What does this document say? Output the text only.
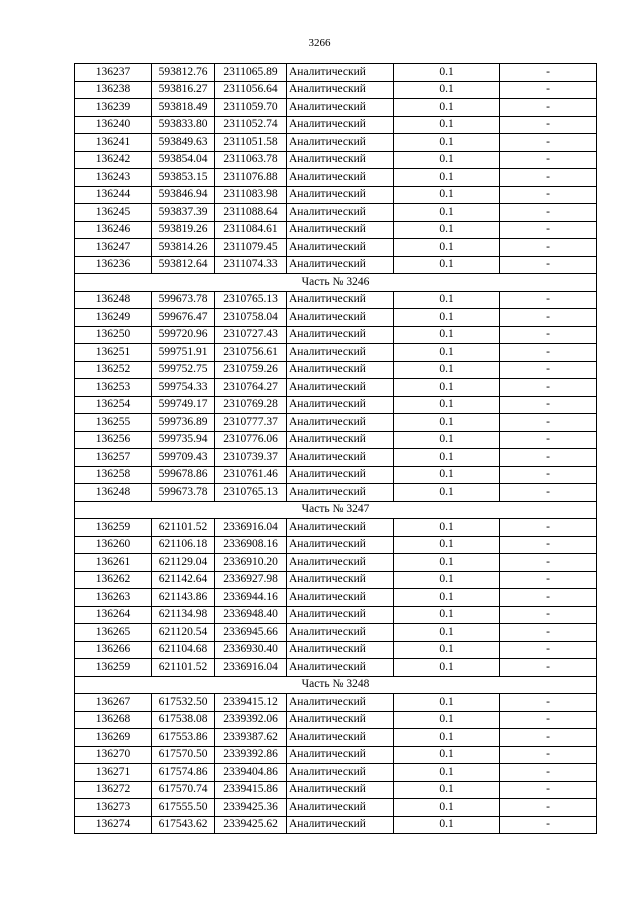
3266
136237	593812.76	2311065.89	Аналитический	0.1	-
136238	593816.27	2311056.64	Аналитический	0.1	-
136239	593818.49	2311059.70	Аналитический	0.1	-
136240	593833.80	2311052.74	Аналитический	0.1	-
136241	593849.63	2311051.58	Аналитический	0.1	-
136242	593854.04	2311063.78	Аналитический	0.1	-
136243	593853.15	2311076.88	Аналитический	0.1	-
136244	593846.94	2311083.98	Аналитический	0.1	-
136245	593837.39	2311088.64	Аналитический	0.1	-
136246	593819.26	2311084.61	Аналитический	0.1	-
136247	593814.26	2311079.45	Аналитический	0.1	-
136236	593812.64	2311074.33	Аналитический	0.1	-
Часть № 3246					
136248	599673.78	2310765.13	Аналитический	0.1	-
136249	599676.47	2310758.04	Аналитический	0.1	-
136250	599720.96	2310727.43	Аналитический	0.1	-
136251	599751.91	2310756.61	Аналитический	0.1	-
136252	599752.75	2310759.26	Аналитический	0.1	-
136253	599754.33	2310764.27	Аналитический	0.1	-
136254	599749.17	2310769.28	Аналитический	0.1	-
136255	599736.89	2310777.37	Аналитический	0.1	-
136256	599735.94	2310776.06	Аналитический	0.1	-
136257	599709.43	2310739.37	Аналитический	0.1	-
136258	599678.86	2310761.46	Аналитический	0.1	-
136248	599673.78	2310765.13	Аналитический	0.1	-
Часть № 3247					
136259	621101.52	2336916.04	Аналитический	0.1	-
136260	621106.18	2336908.16	Аналитический	0.1	-
136261	621129.04	2336910.20	Аналитический	0.1	-
136262	621142.64	2336927.98	Аналитический	0.1	-
136263	621143.86	2336944.16	Аналитический	0.1	-
136264	621134.98	2336948.40	Аналитический	0.1	-
136265	621120.54	2336945.66	Аналитический	0.1	-
136266	621104.68	2336930.40	Аналитический	0.1	-
136259	621101.52	2336916.04	Аналитический	0.1	-
Часть № 3248					
136267	617532.50	2339415.12	Аналитический	0.1	-
136268	617538.08	2339392.06	Аналитический	0.1	-
136269	617553.86	2339387.62	Аналитический	0.1	-
136270	617570.50	2339392.86	Аналитический	0.1	-
136271	617574.86	2339404.86	Аналитический	0.1	-
136272	617570.74	2339415.86	Аналитический	0.1	-
136273	617555.50	2339425.36	Аналитический	0.1	-
136274	617543.62	2339425.62	Аналитический	0.1	-
